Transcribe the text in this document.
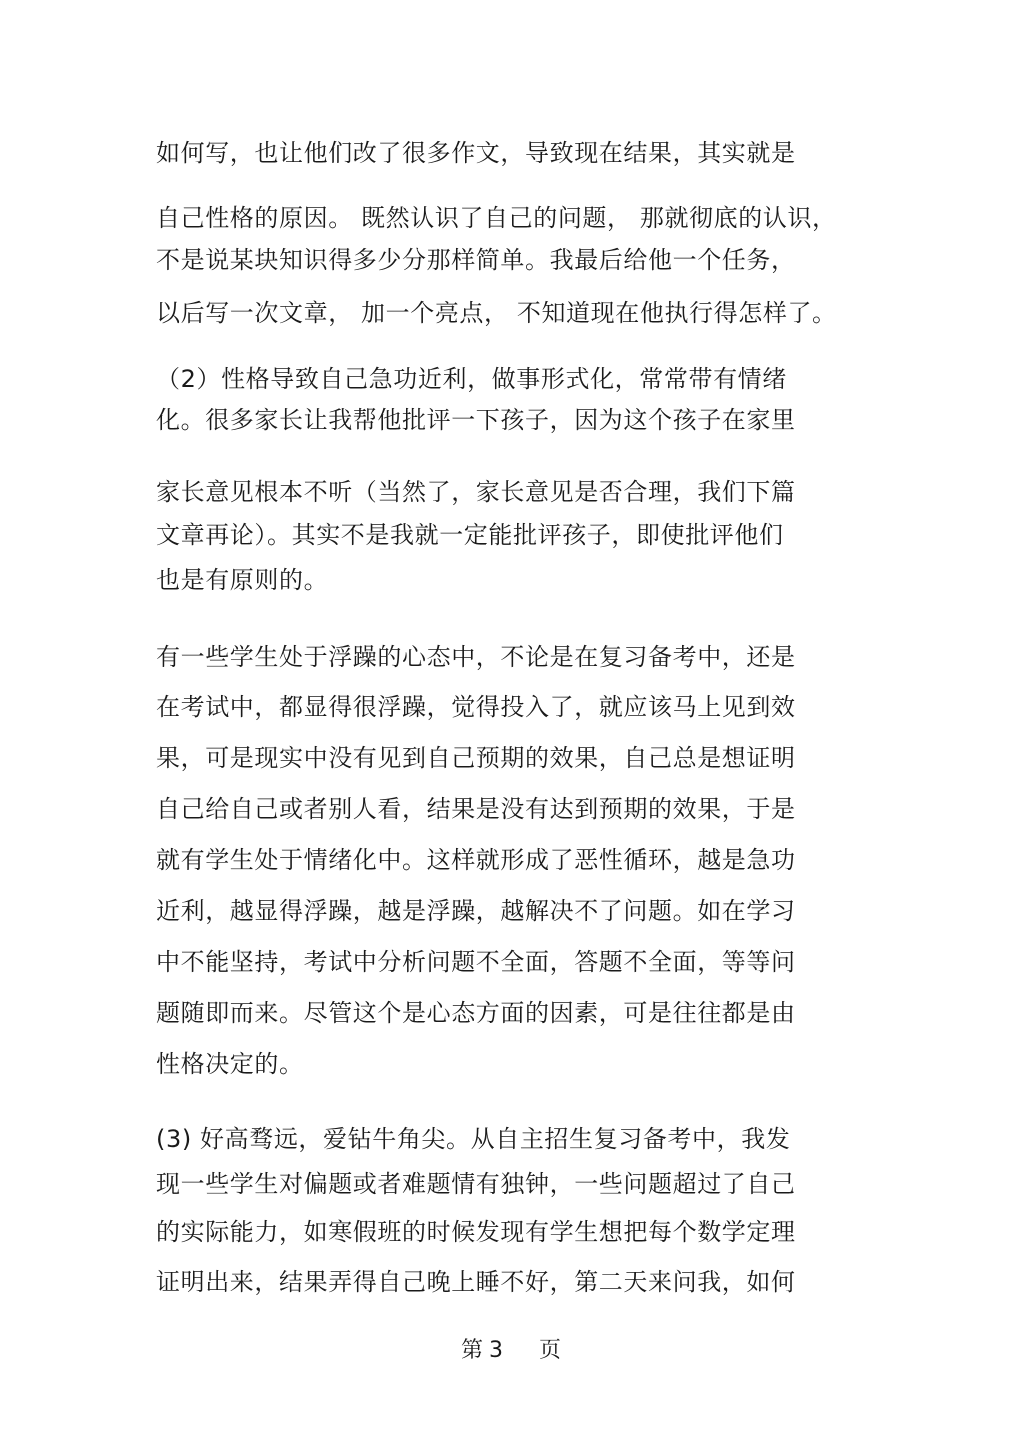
如何写，也让他们改了很多作文，导致现在结果，其实就是
自己性格的原因。 既然认识了自己的问题， 那就彻底的认识，
不是说某块知识得多少分那样简单。我最后给他一个任务，
以后写一次文章， 加一个亮点， 不知道现在他执行得怎样了。
（2）性格导致自己急功近利，做事形式化，常常带有情绪
化。很多家长让我帮他批评一下孩子，因为这个孩子在家里
家长意见根本不听（当然了，家长意见是否合理，我们下篇
文章再论）。其实不是我就一定能批评孩子，即使批评他们
也是有原则的。
有一些学生处于浮躁的心态中，不论是在复习备考中，还是
在考试中，都显得很浮躁，觉得投入了，就应该马上见到效
果，可是现实中没有见到自己预期的效果，自己总是想证明
自己给自己或者别人看，结果是没有达到预期的效果，于是
就有学生处于情绪化中。这样就形成了恶性循环，越是急功
近利，越显得浮躁，越是浮躁，越解决不了问题。如在学习
中不能坚持，考试中分析问题不全面，答题不全面，等等问
题随即而来。尽管这个是心态方面的因素，可是往往都是由
性格决定的。
(3) 好高骛远，爱钻牛角尖。从自主招生复习备考中，我发
现一些学生对偏题或者难题情有独钟，一些问题超过了自己
的实际能力，如寒假班的时候发现有学生想把每个数学定理
证明出来，结果弄得自己晚上睡不好，第二天来问我，如何
第 3 页
